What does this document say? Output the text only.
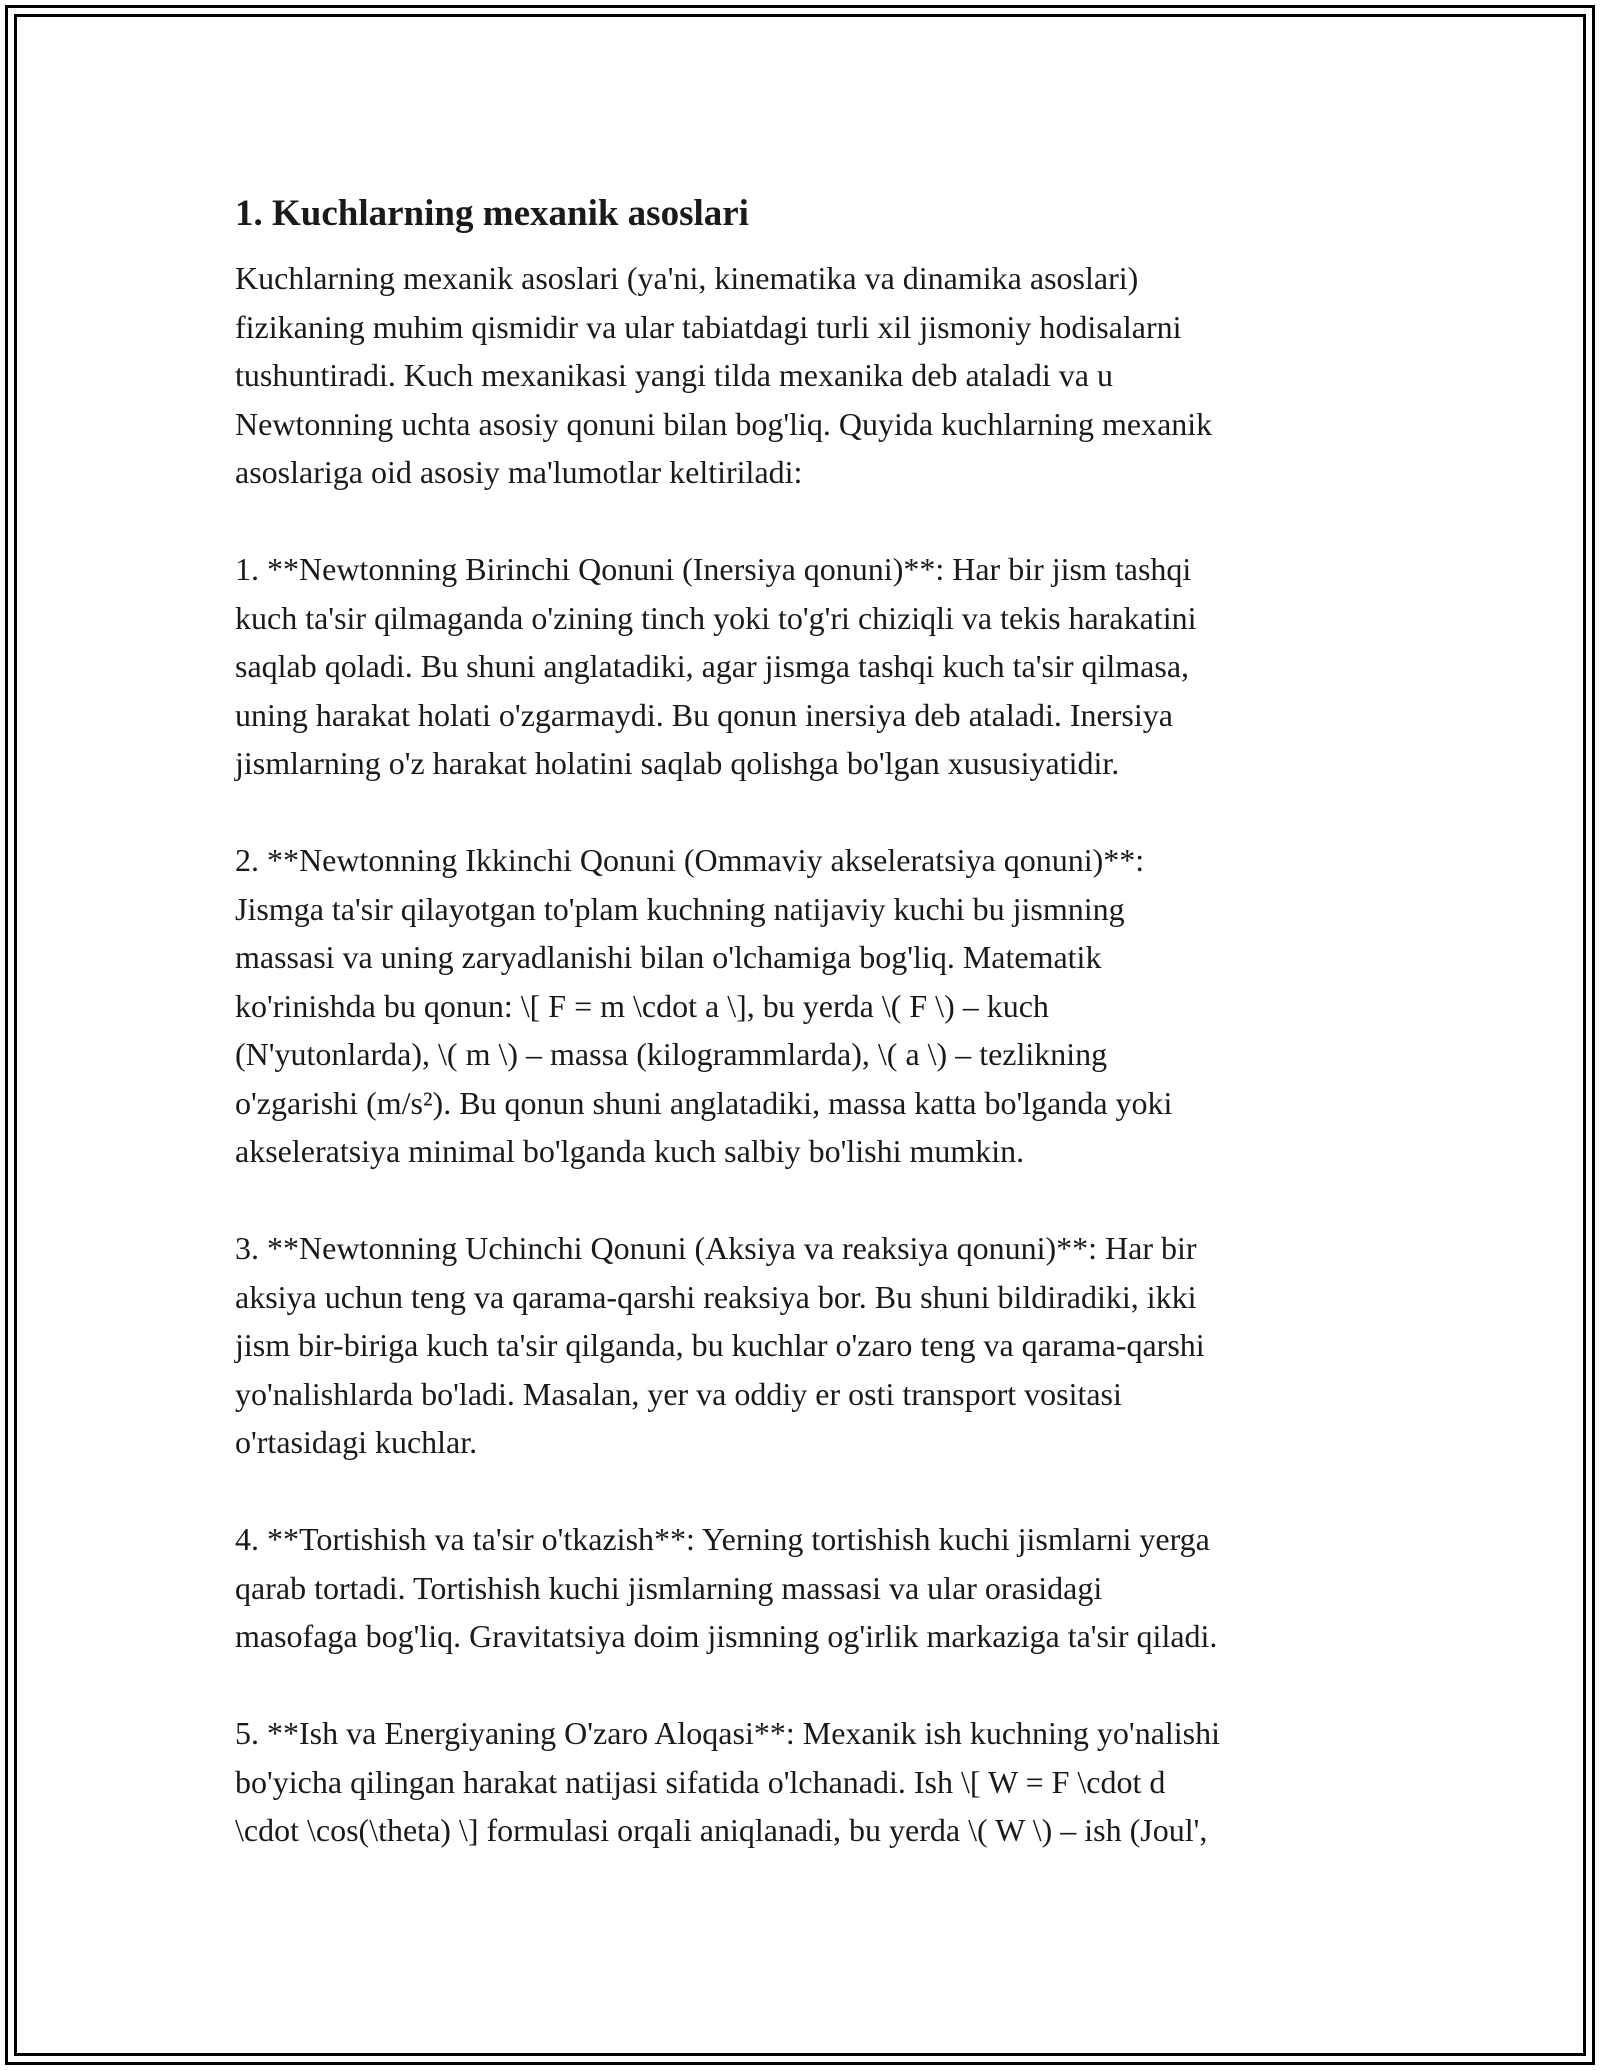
1. Kuchlarning mexanik asoslari
Kuchlarning mexanik asoslari (ya'ni, kinematika va dinamika asoslari)
fizikaning muhim qismidir va ular tabiatdagi turli xil jismoniy hodisalarni
tushuntiradi. Kuch mexanikasi yangi tilda mexanika deb ataladi va u
Newtonning uchta asosiy qonuni bilan bog'liq. Quyida kuchlarning mexanik
asoslariga oid asosiy ma'lumotlar keltiriladi:
1. **Newtonning Birinchi Qonuni (Inersiya qonuni)**: Har bir jism tashqi
kuch ta'sir qilmaganda o'zining tinch yoki to'g'ri chiziqli va tekis harakatini
saqlab qoladi. Bu shuni anglatadiki, agar jismga tashqi kuch ta'sir qilmasa,
uning harakat holati o'zgarmaydi. Bu qonun inersiya deb ataladi. Inersiya
jismlarning o'z harakat holatini saqlab qolishga bo'lgan xususiyatidir.
2. **Newtonning Ikkinchi Qonuni (Ommaviy akseleratsiya qonuni)**:
Jismga ta'sir qilayotgan to'plam kuchning natijaviy kuchi bu jismning
massasi va uning zaryadlanishi bilan o'lchamiga bog'liq. Matematik
ko'rinishda bu qonun: \[ F = m \cdot a \], bu yerda \( F \) – kuch
(N'yutonlarda), \( m \) – massa (kilogrammlarda), \( a \) – tezlikning
o'zgarishi (m/s²). Bu qonun shuni anglatadiki, massa katta bo'lganda yoki
akseleratsiya minimal bo'lganda kuch salbiy bo'lishi mumkin.
3. **Newtonning Uchinchi Qonuni (Aksiya va reaksiya qonuni)**: Har bir
aksiya uchun teng va qarama-qarshi reaksiya bor. Bu shuni bildiradiki, ikki
jism bir-biriga kuch ta'sir qilganda, bu kuchlar o'zaro teng va qarama-qarshi
yo'nalishlarda bo'ladi. Masalan, yer va oddiy er osti transport vositasi
o'rtasidagi kuchlar.
4. **Tortishish va ta'sir o'tkazish**: Yerning tortishish kuchi jismlarni yerga
qarab tortadi. Tortishish kuchi jismlarning massasi va ular orasidagi
masofaga bog'liq. Gravitatsiya doim jismning og'irlik markaziga ta'sir qiladi.
5. **Ish va Energiyaning O'zaro Aloqasi**: Mexanik ish kuchning yo'nalishi
bo'yicha qilingan harakat natijasi sifatida o'lchanadi. Ish \[ W = F \cdot d
\cdot \cos(\theta) \] formulasi orqali aniqlanadi, bu yerda \( W \) – ish (Joul',
